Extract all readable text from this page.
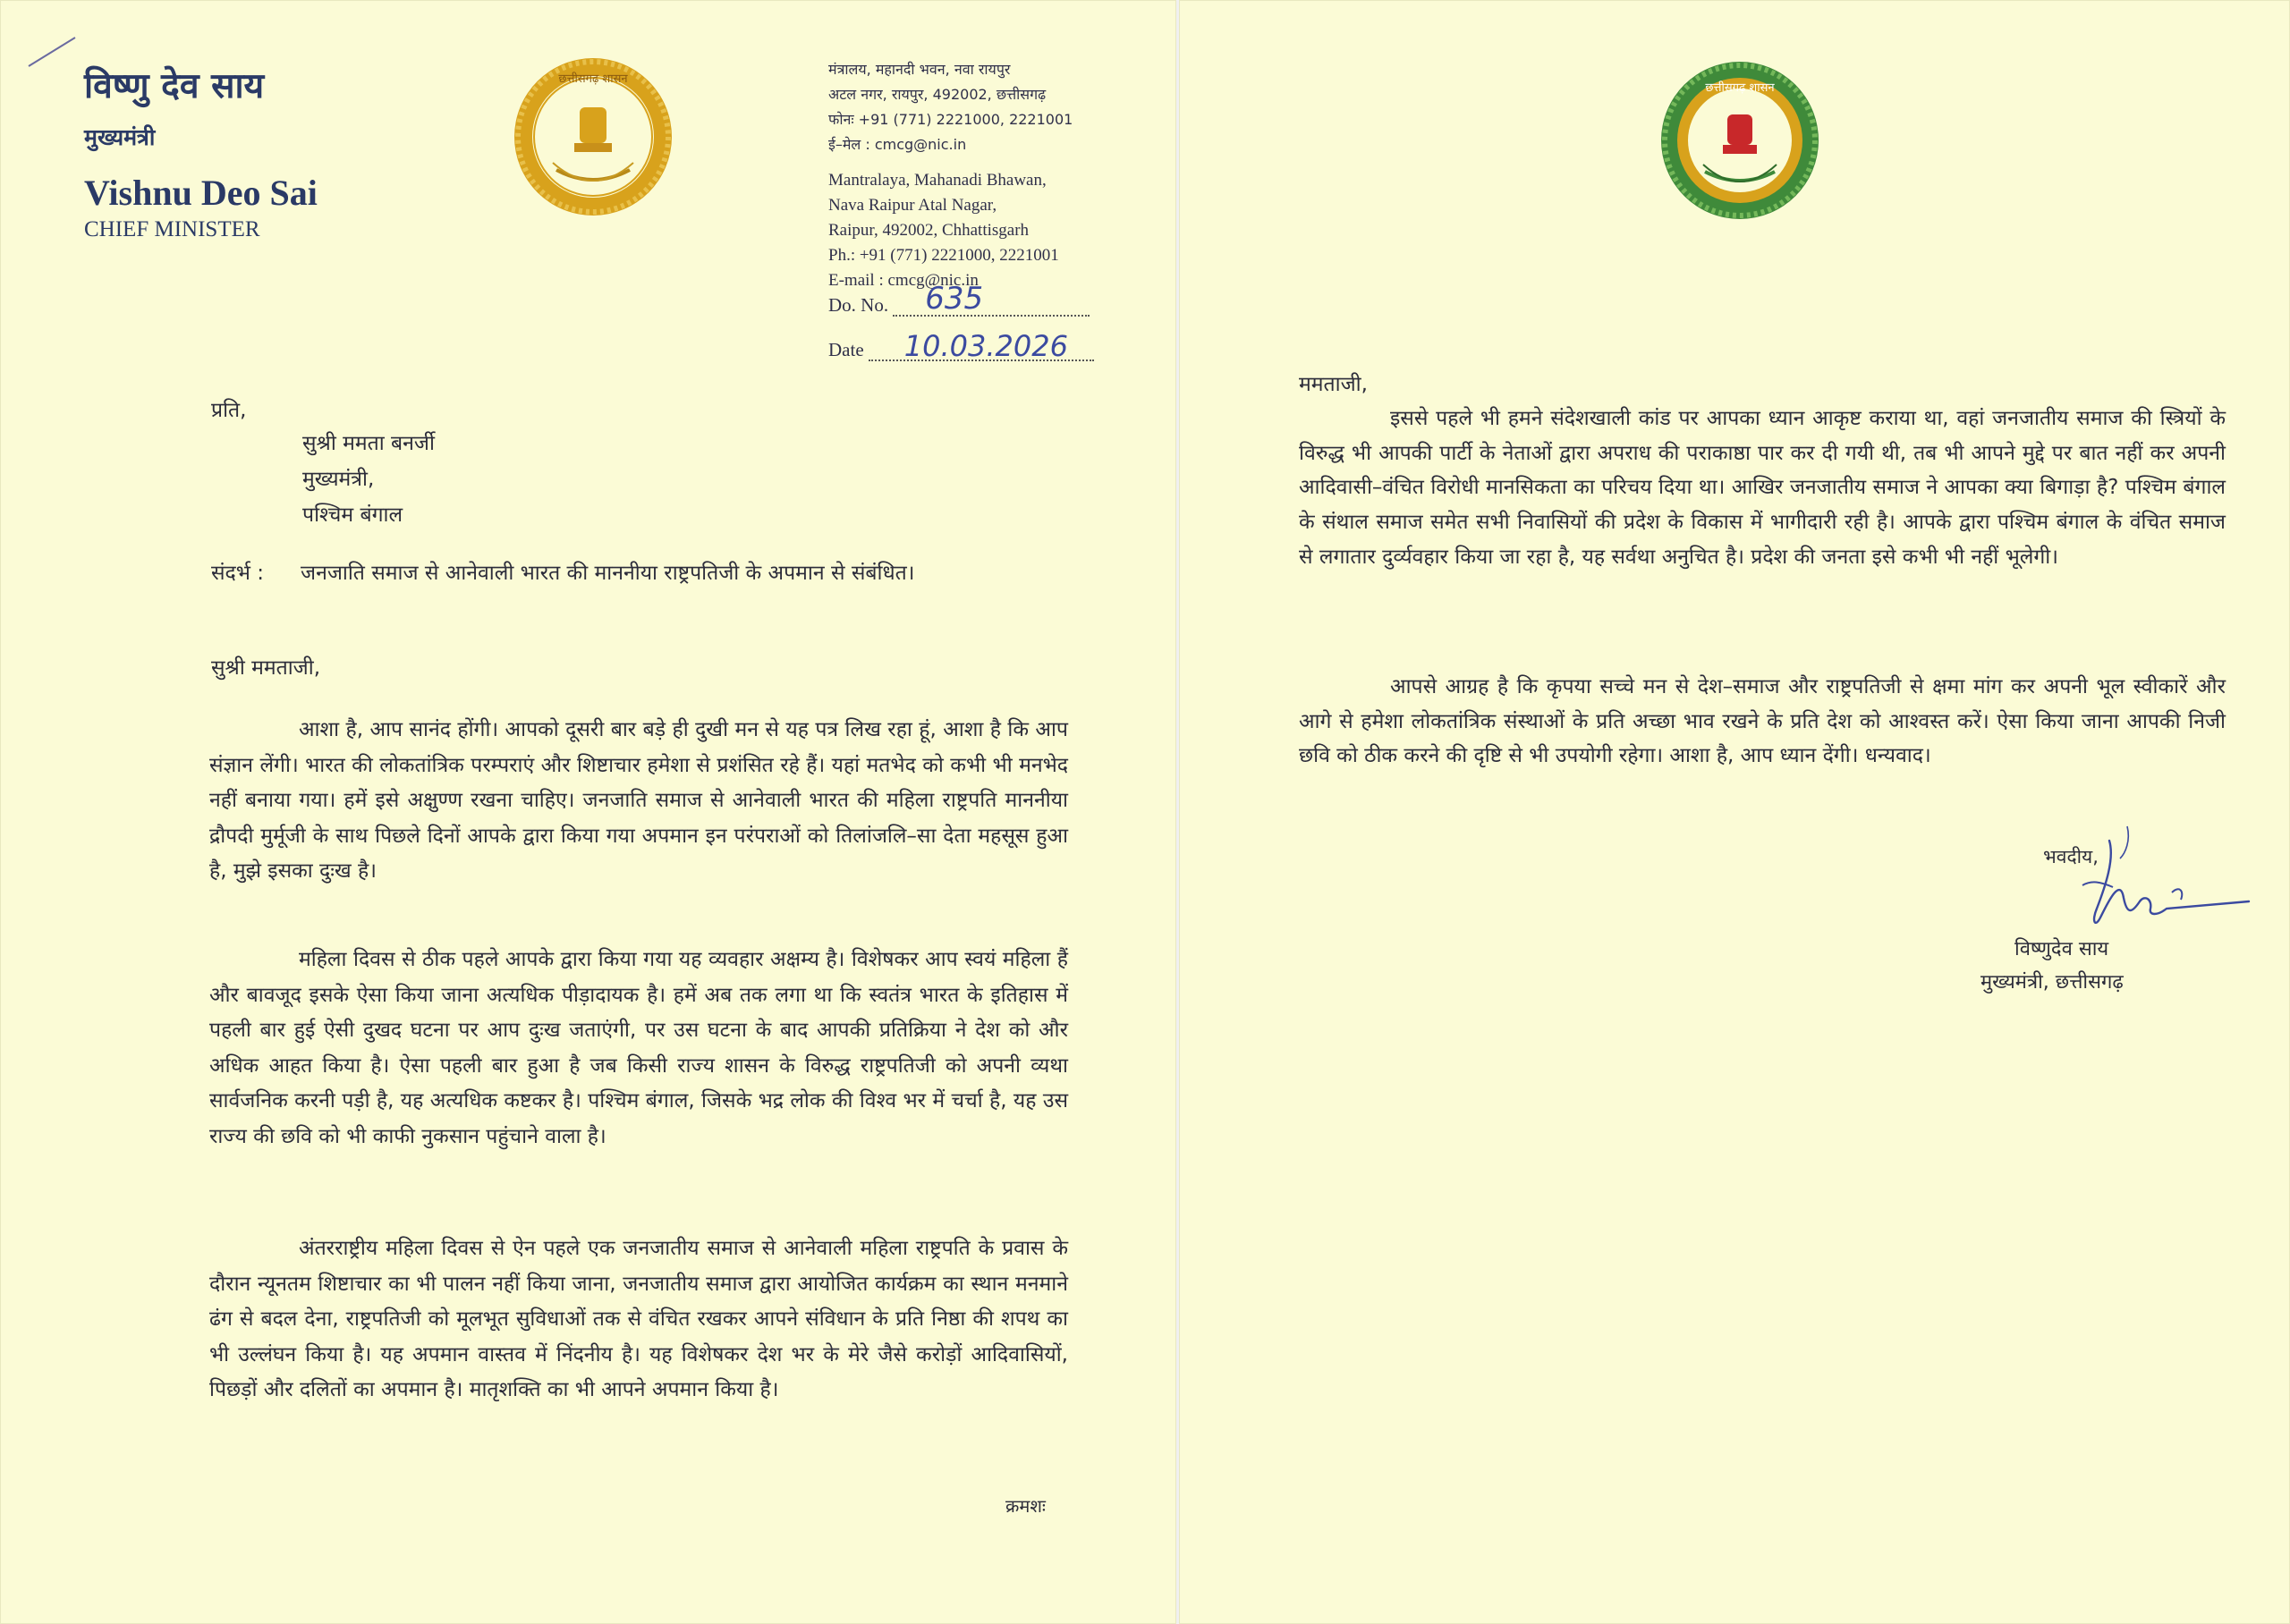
विष्णु देव साय
मुख्यमंत्री
Vishnu Deo Sai
CHIEF MINISTER
छत्तीसगढ़ शासन
मंत्रालय, महानदी भवन, नवा रायपुर
अटल नगर, रायपुर, 492002, छत्तीसगढ़
फोनः +91 (771) 2221000, 2221001
ई–मेल : cmcg@nic.in
Mantralaya, Mahanadi Bhawan,
Nava Raipur Atal Nagar,
Raipur, 492002, Chhattisgarh
Ph.: +91 (771) 2221000, 2221001
E-mail : cmcg@nic.in
Do. No. 635
Date 10.03.2026
प्रति,
सुश्री ममता बनर्जी
मुख्यमंत्री,
पश्चिम बंगाल
संदर्भ : जनजाति समाज से आनेवाली भारत की माननीया राष्ट्रपतिजी के अपमान से संबंधित।
सुश्री ममताजी,
आशा है, आप सानंद होंगी। आपको दूसरी बार बड़े ही दुखी मन से यह पत्र लिख रहा हूं, आशा है कि आप संज्ञान लेंगी। भारत की लोकतांत्रिक परम्पराएं और शिष्टाचार हमेशा से प्रशंसित रहे हैं। यहां मतभेद को कभी भी मनभेद नहीं बनाया गया। हमें इसे अक्षुण्ण रखना चाहिए। जनजाति समाज से आनेवाली भारत की महिला राष्ट्रपति माननीया द्रौपदी मुर्मूजी के साथ पिछले दिनों आपके द्वारा किया गया अपमान इन परंपराओं को तिलांजलि–सा देता महसूस हुआ है, मुझे इसका दुःख है।
महिला दिवस से ठीक पहले आपके द्वारा किया गया यह व्यवहार अक्षम्य है। विशेषकर आप स्वयं महिला हैं और बावजूद इसके ऐसा किया जाना अत्यधिक पीड़ादायक है। हमें अब तक लगा था कि स्वतंत्र भारत के इतिहास में पहली बार हुई ऐसी दुखद घटना पर आप दुःख जताएंगी, पर उस घटना के बाद आपकी प्रतिक्रिया ने देश को और अधिक आहत किया है। ऐसा पहली बार हुआ है जब किसी राज्य शासन के विरुद्ध राष्ट्रपतिजी को अपनी व्यथा सार्वजनिक करनी पड़ी है, यह अत्यधिक कष्टकर है। पश्चिम बंगाल, जिसके भद्र लोक की विश्व भर में चर्चा है, यह उस राज्य की छवि को भी काफी नुकसान पहुंचाने वाला है।
अंतरराष्ट्रीय महिला दिवस से ऐन पहले एक जनजातीय समाज से आनेवाली महिला राष्ट्रपति के प्रवास के दौरान न्यूनतम शिष्टाचार का भी पालन नहीं किया जाना, जनजातीय समाज द्वारा आयोजित कार्यक्रम का स्थान मनमाने ढंग से बदल देना, राष्ट्रपतिजी को मूलभूत सुविधाओं तक से वंचित रखकर आपने संविधान के प्रति निष्ठा की शपथ का भी उल्लंघन किया है। यह अपमान वास्तव में निंदनीय है। यह विशेषकर देश भर के मेरे जैसे करोड़ों आदिवासियों, पिछड़ों और दलितों का अपमान है। मातृशक्ति का भी आपने अपमान किया है।
क्रमशः
छत्तीसगढ़ शासन
ममताजी,
इससे पहले भी हमने संदेशखाली कांड पर आपका ध्यान आकृष्ट कराया था, वहां जनजातीय समाज की स्त्रियों के विरुद्ध भी आपकी पार्टी के नेताओं द्वारा अपराध की पराकाष्ठा पार कर दी गयी थी, तब भी आपने मुद्दे पर बात नहीं कर अपनी आदिवासी–वंचित विरोधी मानसिकता का परिचय दिया था। आखिर जनजातीय समाज ने आपका क्या बिगाड़ा है? पश्चिम बंगाल के संथाल समाज समेत सभी निवासियों की प्रदेश के विकास में भागीदारी रही है। आपके द्वारा पश्चिम बंगाल के वंचित समाज से लगातार दुर्व्यवहार किया जा रहा है, यह सर्वथा अनुचित है। प्रदेश की जनता इसे कभी भी नहीं भूलेगी।
आपसे आग्रह है कि कृपया सच्चे मन से देश–समाज और राष्ट्रपतिजी से क्षमा मांग कर अपनी भूल स्वीकारें और आगे से हमेशा लोकतांत्रिक संस्थाओं के प्रति अच्छा भाव रखने के प्रति देश को आश्वस्त करें। ऐसा किया जाना आपकी निजी छवि को ठीक करने की दृष्टि से भी उपयोगी रहेगा। आशा है, आप ध्यान देंगी। धन्यवाद।
भवदीय,
विष्णुदेव साय
मुख्यमंत्री, छत्तीसगढ़
